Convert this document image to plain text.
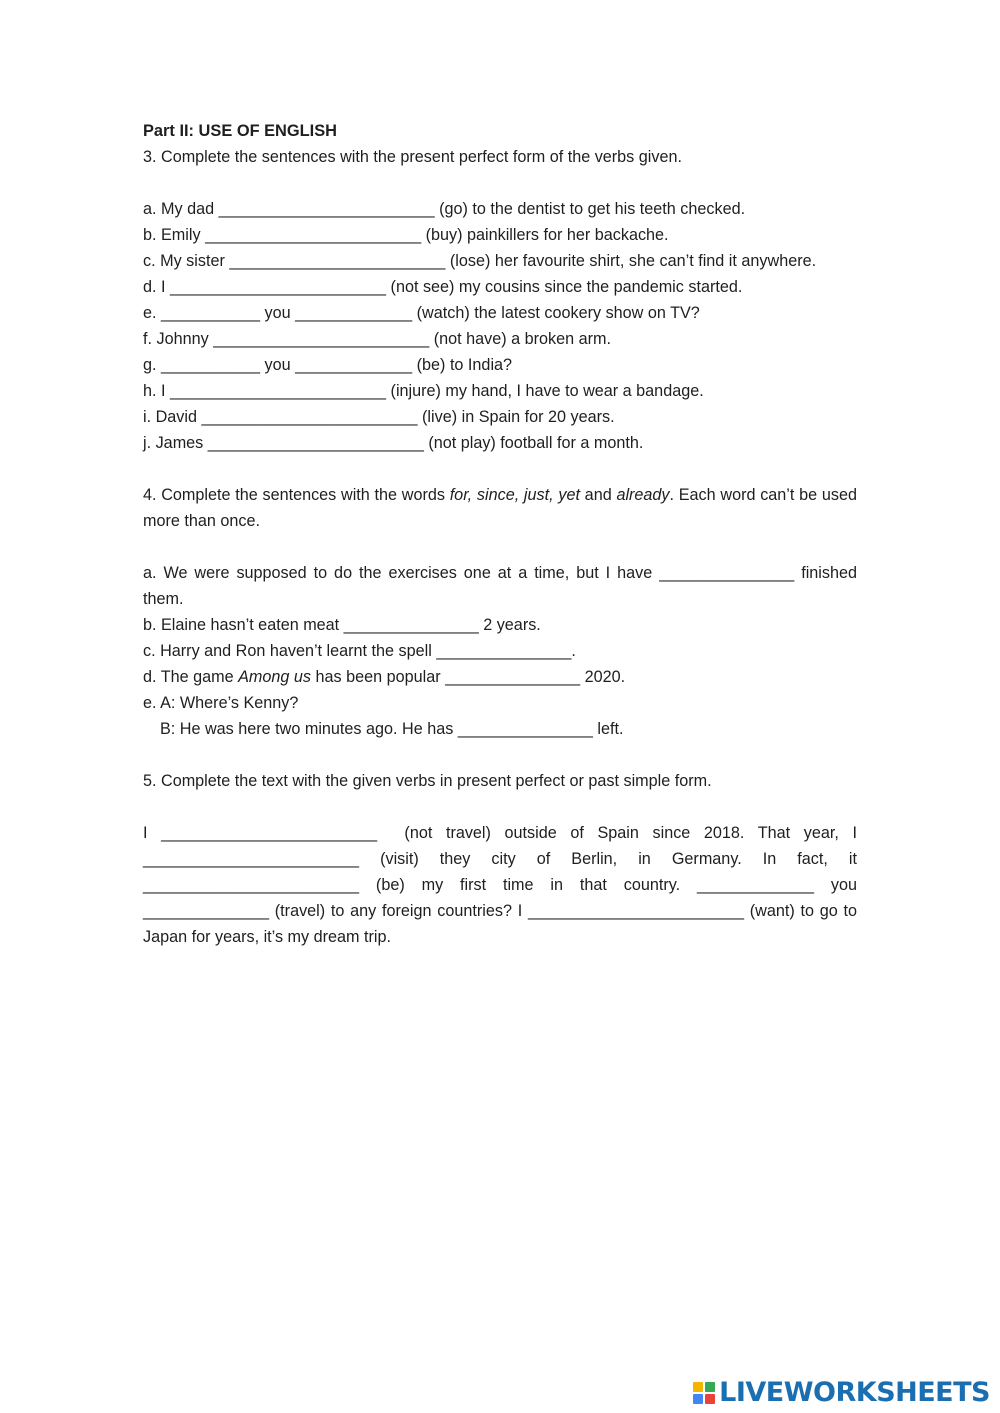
Part II: USE OF ENGLISH

3. Complete the sentences with the present perfect form of the verbs given.

a. My dad ________________________ (go) to the dentist to get his teeth checked.

b. Emily ________________________ (buy) painkillers for her backache.

c. My sister ________________________ (lose) her favourite shirt, she can’t find it anywhere.

d. I ________________________ (not see) my cousins since the pandemic started.

e. ___________ you _____________ (watch) the latest cookery show on TV?

f. Johnny ________________________ (not have) a broken arm.

g. ___________ you _____________ (be) to India?

h. I ________________________ (injure) my hand, I have to wear a bandage.

i. David ________________________ (live) in Spain for 20 years.

j. James ________________________ (not play) football for a month.

4. Complete the sentences with the words for, since, just, yet and already. Each word can’t be used more than once.

a. We were supposed to do the exercises one at a time, but I have _______________ finished them.

b. Elaine hasn’t eaten meat _______________ 2 years.

c. Harry and Ron haven’t learnt the spell _______________.

d. The game Among us has been popular _______________ 2020.

e. A: Where’s Kenny?

B: He was here two minutes ago. He has _______________ left.

5. Complete the text with the given verbs in present perfect or past simple form.

I ________________________  (not travel) outside of Spain since 2018. That year, I ________________________ (visit) they city of Berlin, in Germany. In fact, it ________________________ (be) my first time in that country. _____________ you ______________ (travel) to any foreign countries? I ________________________ (want) to go to Japan for years, it’s my dream trip.

LIVEWORKSHEETS
